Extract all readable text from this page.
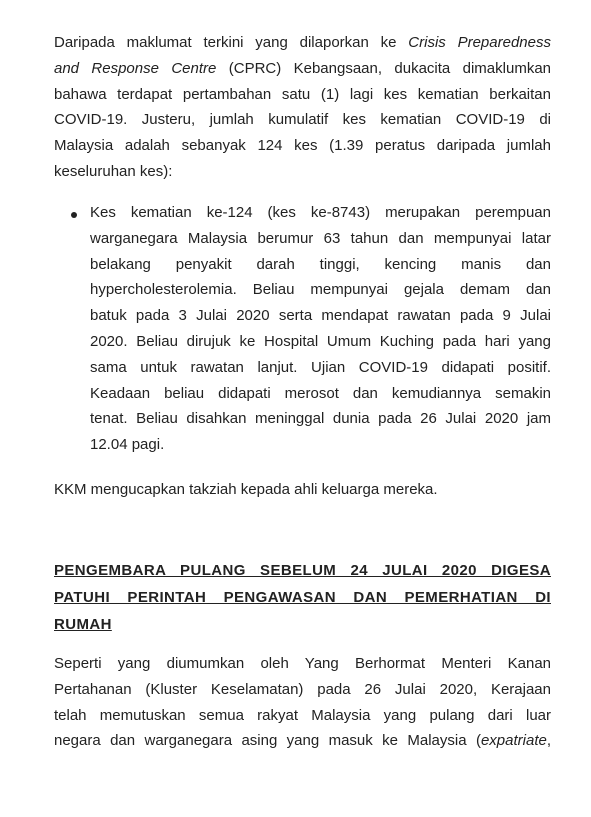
Daripada maklumat terkini yang dilaporkan ke Crisis Preparedness
and Response Centre (CPRC) Kebangsaan, dukacita dimaklumkan
bahawa terdapat pertambahan satu (1) lagi kes kematian berkaitan
COVID-19. Justeru, jumlah kumulatif kes kematian COVID-19 di
Malaysia adalah sebanyak 124 kes (1.39 peratus daripada jumlah
keseluruhan kes):
Kes kematian ke-124 (kes ke-8743) merupakan perempuan
warganegara Malaysia berumur 63 tahun dan mempunyai latar
belakang penyakit darah tinggi, kencing manis dan
hypercholesterolemia. Beliau mempunyai gejala demam dan
batuk pada 3 Julai 2020 serta mendapat rawatan pada 9 Julai
2020. Beliau dirujuk ke Hospital Umum Kuching pada hari yang
sama untuk rawatan lanjut. Ujian COVID-19 didapati positif.
Keadaan beliau didapati merosot dan kemudiannya semakin
tenat. Beliau disahkan meninggal dunia pada 26 Julai 2020 jam
12.04 pagi.
KKM mengucapkan takziah kepada ahli keluarga mereka.
PENGEMBARA PULANG SEBELUM 24 JULAI 2020 DIGESA
PATUHI PERINTAH PENGAWASAN DAN PEMERHATIAN DI
RUMAH
Seperti yang diumumkan oleh Yang Berhormat Menteri Kanan
Pertahanan (Kluster Keselamatan) pada 26 Julai 2020, Kerajaan
telah memutuskan semua rakyat Malaysia yang pulang dari luar
negara dan warganegara asing yang masuk ke Malaysia (expatriate,
